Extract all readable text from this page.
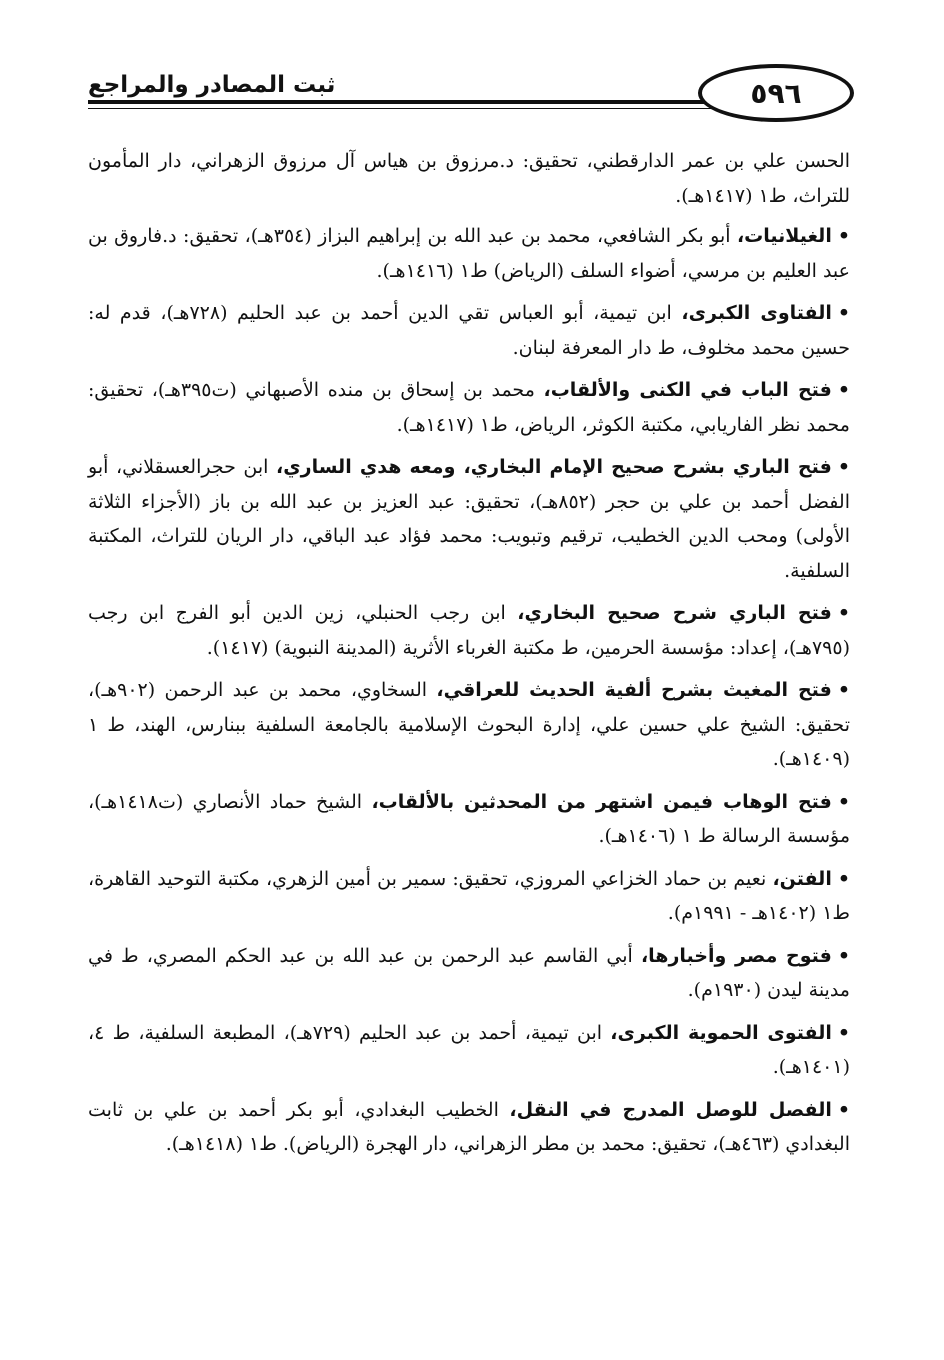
ثبت المصادر والمراجع	٥٩٦

الحسن علي بن عمر الدارقطني، تحقيق: د.مرزوق بن هياس آل مرزوق الزهراني، دار المأمون للتراث، ط١ (١٤١٧هـ).

•الغيلانيات، أبو بكر الشافعي، محمد بن عبد الله بن إبراهيم البزاز (٣٥٤هـ)، تحقيق: د.فاروق بن عبد العليم بن مرسي، أضواء السلف (الرياض) ط١ (١٤١٦هـ).

•الفتاوى الكبرى، ابن تيمية، أبو العباس تقي الدين أحمد بن عبد الحليم (٧٢٨هـ)، قدم له: حسين محمد مخلوف، ط دار المعرفة لبنان.

•فتح الباب في الكنى والألقاب، محمد بن إسحاق بن منده الأصبهاني (ت٣٩٥هـ)، تحقيق: محمد نظر الفاريابي، مكتبة الكوثر، الرياض، ط١ (١٤١٧هـ).

•فتح الباري بشرح صحيح الإمام البخاري، ومعه هدي الساري، ابن حجرالعسقلاني، أبو الفضل أحمد بن علي بن حجر (٨٥٢هـ)، تحقيق: عبد العزيز بن عبد الله بن باز (الأجزاء الثلاثة الأولى) ومحب الدين الخطيب، ترقيم وتبويب: محمد فؤاد عبد الباقي، دار الريان للتراث، المكتبة السلفية.

•فتح الباري شرح صحيح البخاري، ابن رجب الحنبلي، زين الدين أبو الفرج ابن رجب (٧٩٥هـ)، إعداد: مؤسسة الحرمين، ط مكتبة الغرباء الأثرية (المدينة النبوية) (١٤١٧).

•فتح المغيث بشرح ألفية الحديث للعراقي، السخاوي، محمد بن عبد الرحمن (٩٠٢هـ)، تحقيق: الشيخ علي حسين علي، إدارة البحوث الإسلامية بالجامعة السلفية ببنارس، الهند، ط ١ (١٤٠٩هـ).

•فتح الوهاب فيمن اشتهر من المحدثين بالألقاب، الشيخ حماد الأنصاري (ت١٤١٨هـ)، مؤسسة الرسالة ط ١ (١٤٠٦هـ).

•الفتن، نعيم بن حماد الخزاعي المروزي، تحقيق: سمير بن أمين الزهري، مكتبة التوحيد القاهرة، ط١ (١٤٠٢هـ - ١٩٩١م).

•فتوح مصر وأخبارها، أبي القاسم عبد الرحمن بن عبد الله بن عبد الحكم المصري، ط في مدينة ليدن (١٩٣٠م).

•الفتوى الحموية الكبرى، ابن تيمية، أحمد بن عبد الحليم (٧٢٩هـ)، المطبعة السلفية، ط ٤، (١٤٠١هـ).

•الفصل للوصل المدرج في النقل، الخطيب البغدادي، أبو بكر أحمد بن علي بن ثابت البغدادي (٤٦٣هـ)، تحقيق: محمد بن مطر الزهراني، دار الهجرة (الرياض). ط١ (١٤١٨هـ).
